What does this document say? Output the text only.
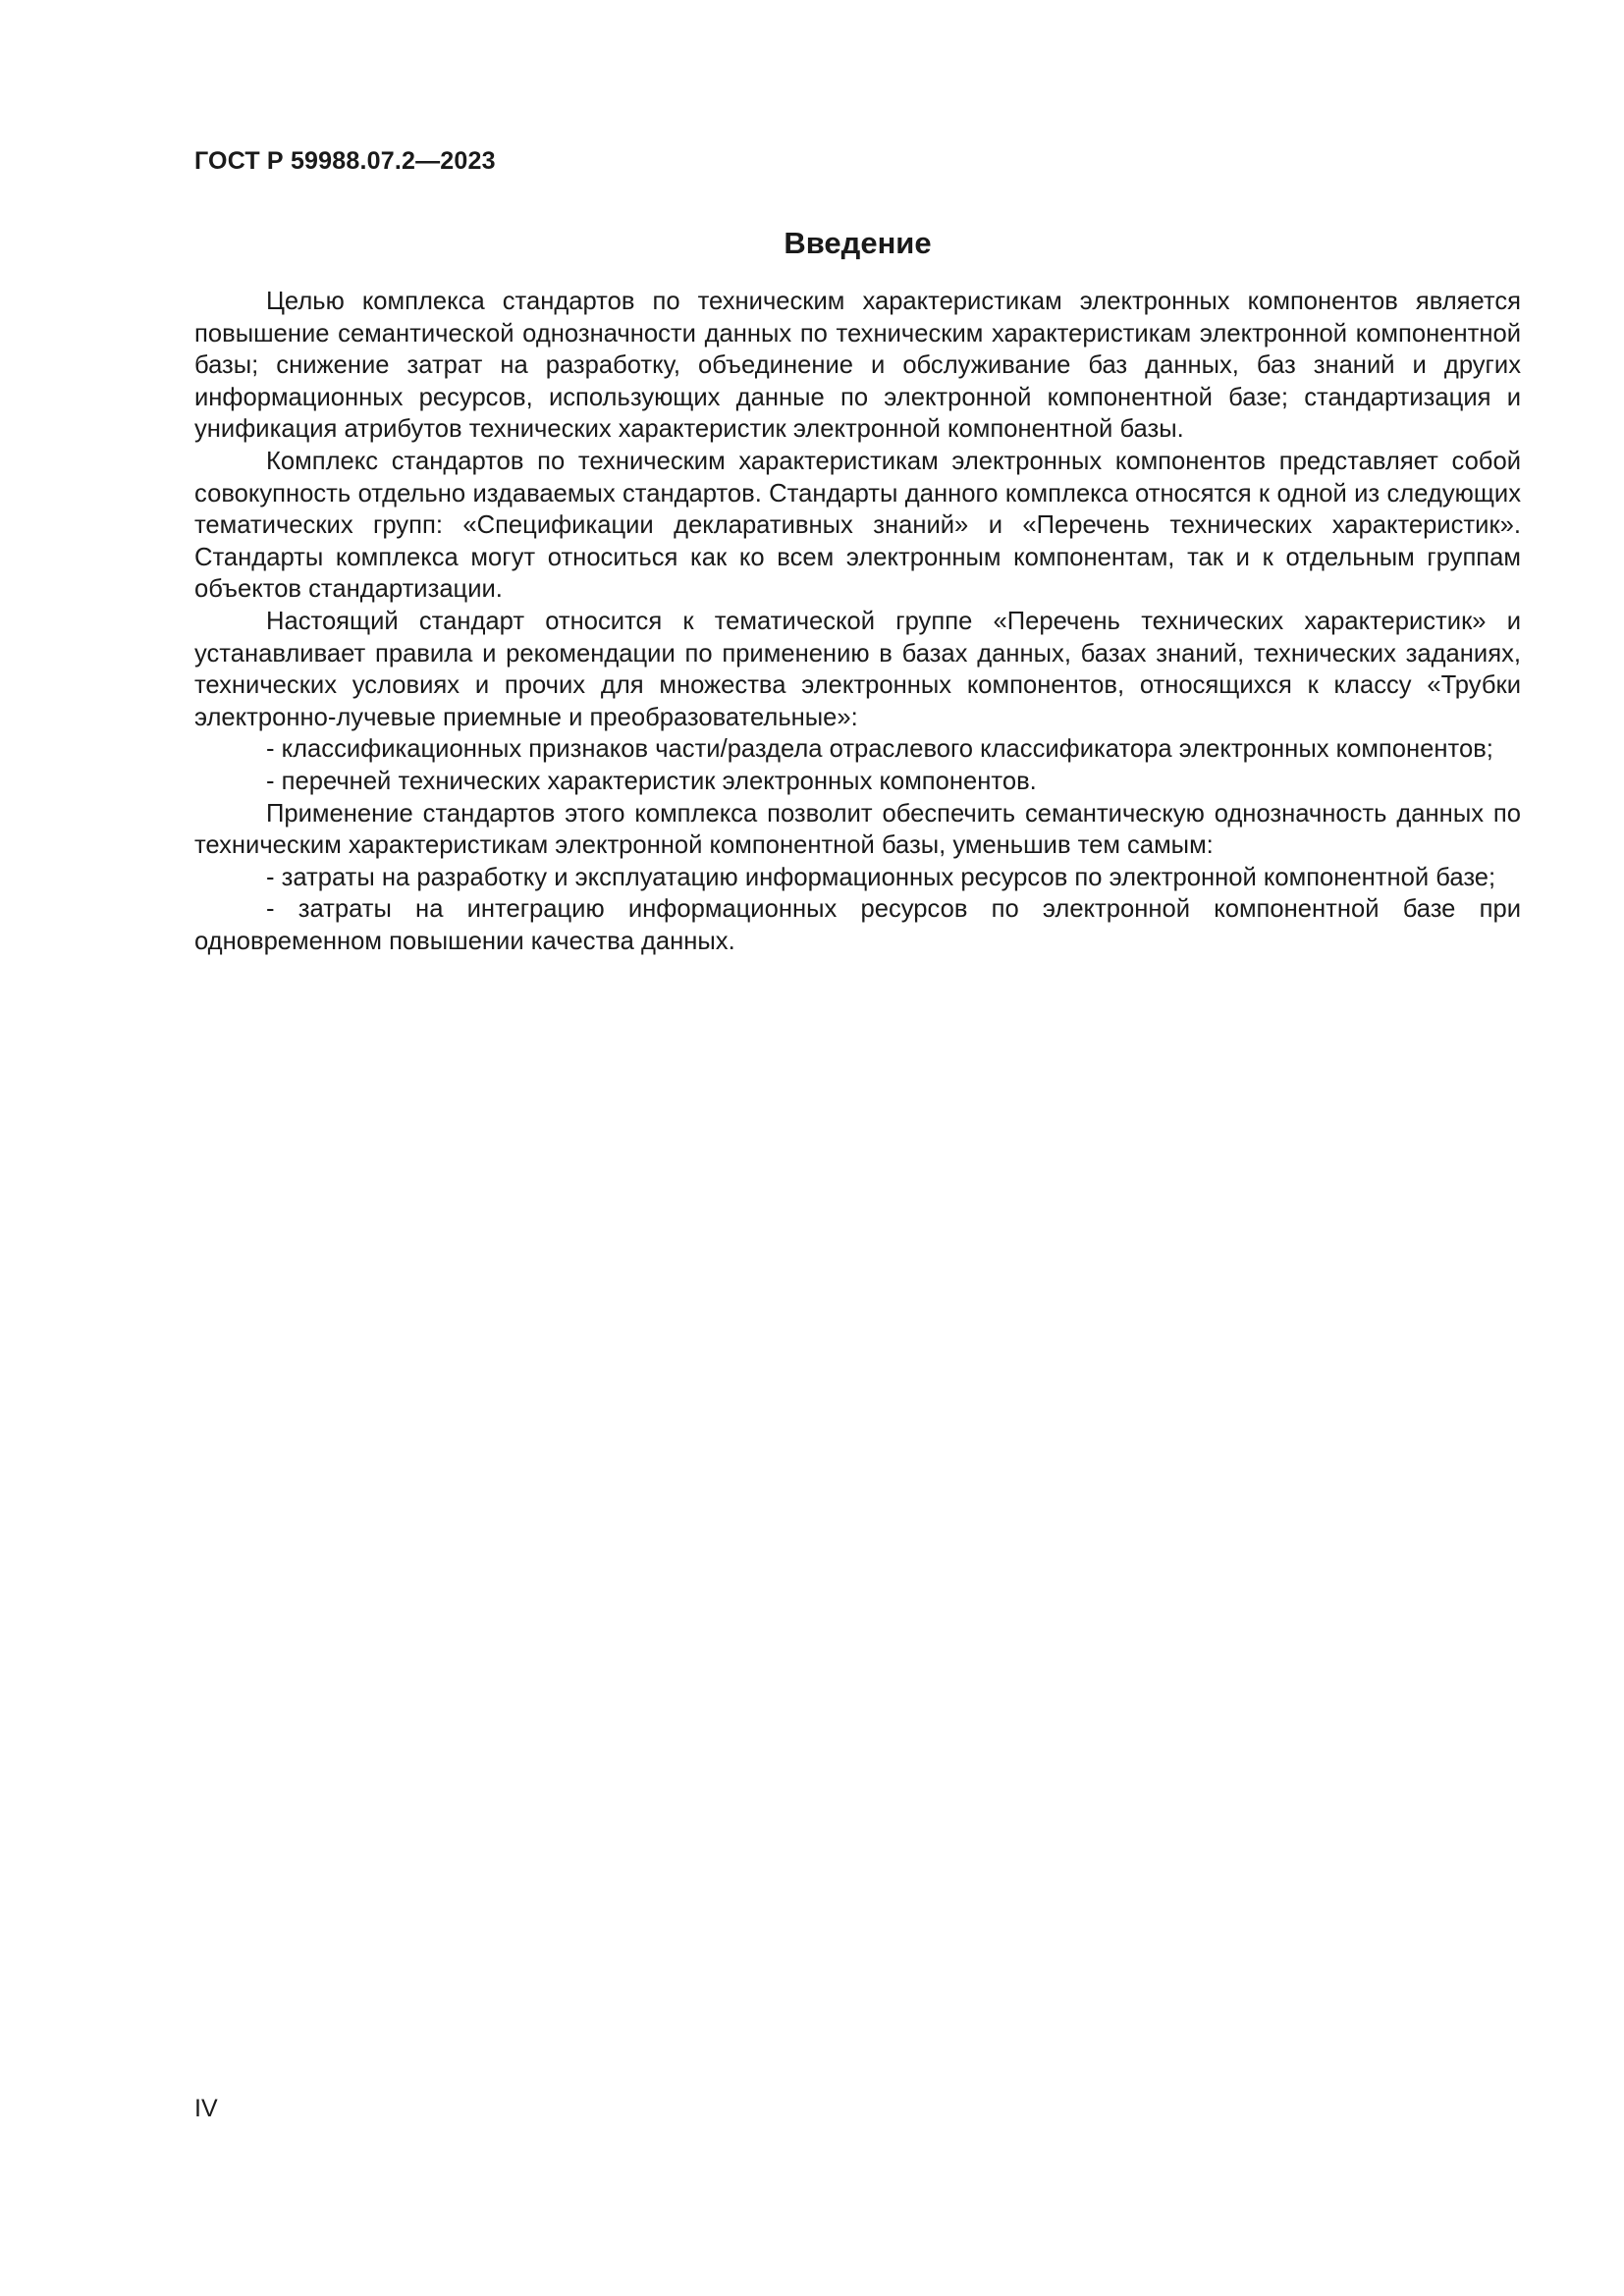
ГОСТ Р 59988.07.2—2023
Введение

Целью комплекса стандартов по техническим характеристикам электронных компонентов является повышение семантической однозначности данных по техническим характеристикам электронной компонентной базы; снижение затрат на разработку, объединение и обслуживание баз данных, баз знаний и других информационных ресурсов, использующих данные по электронной компонентной базе; стандартизация и унификация атрибутов технических характеристик электронной компонентной базы.

Комплекс стандартов по техническим характеристикам электронных компонентов представляет собой совокупность отдельно издаваемых стандартов. Стандарты данного комплекса относятся к одной из следующих тематических групп: «Спецификации декларативных знаний» и «Перечень технических характеристик». Стандарты комплекса могут относиться как ко всем электронным компонентам, так и к отдельным группам объектов стандартизации.

Настоящий стандарт относится к тематической группе «Перечень технических характеристик» и устанавливает правила и рекомендации по применению в базах данных, базах знаний, технических заданиях, технических условиях и прочих для множества электронных компонентов, относящихся к классу «Трубки электронно-лучевые приемные и преобразовательные»:

- классификационных признаков части/раздела отраслевого классификатора электронных компонентов;

- перечней технических характеристик электронных компонентов.

Применение стандартов этого комплекса позволит обеспечить семантическую однозначность данных по техническим характеристикам электронной компонентной базы, уменьшив тем самым:

- затраты на разработку и эксплуатацию информационных ресурсов по электронной компонентной базе;

- затраты на интеграцию информационных ресурсов по электронной компонентной базе при одновременном повышении качества данных.

IV
